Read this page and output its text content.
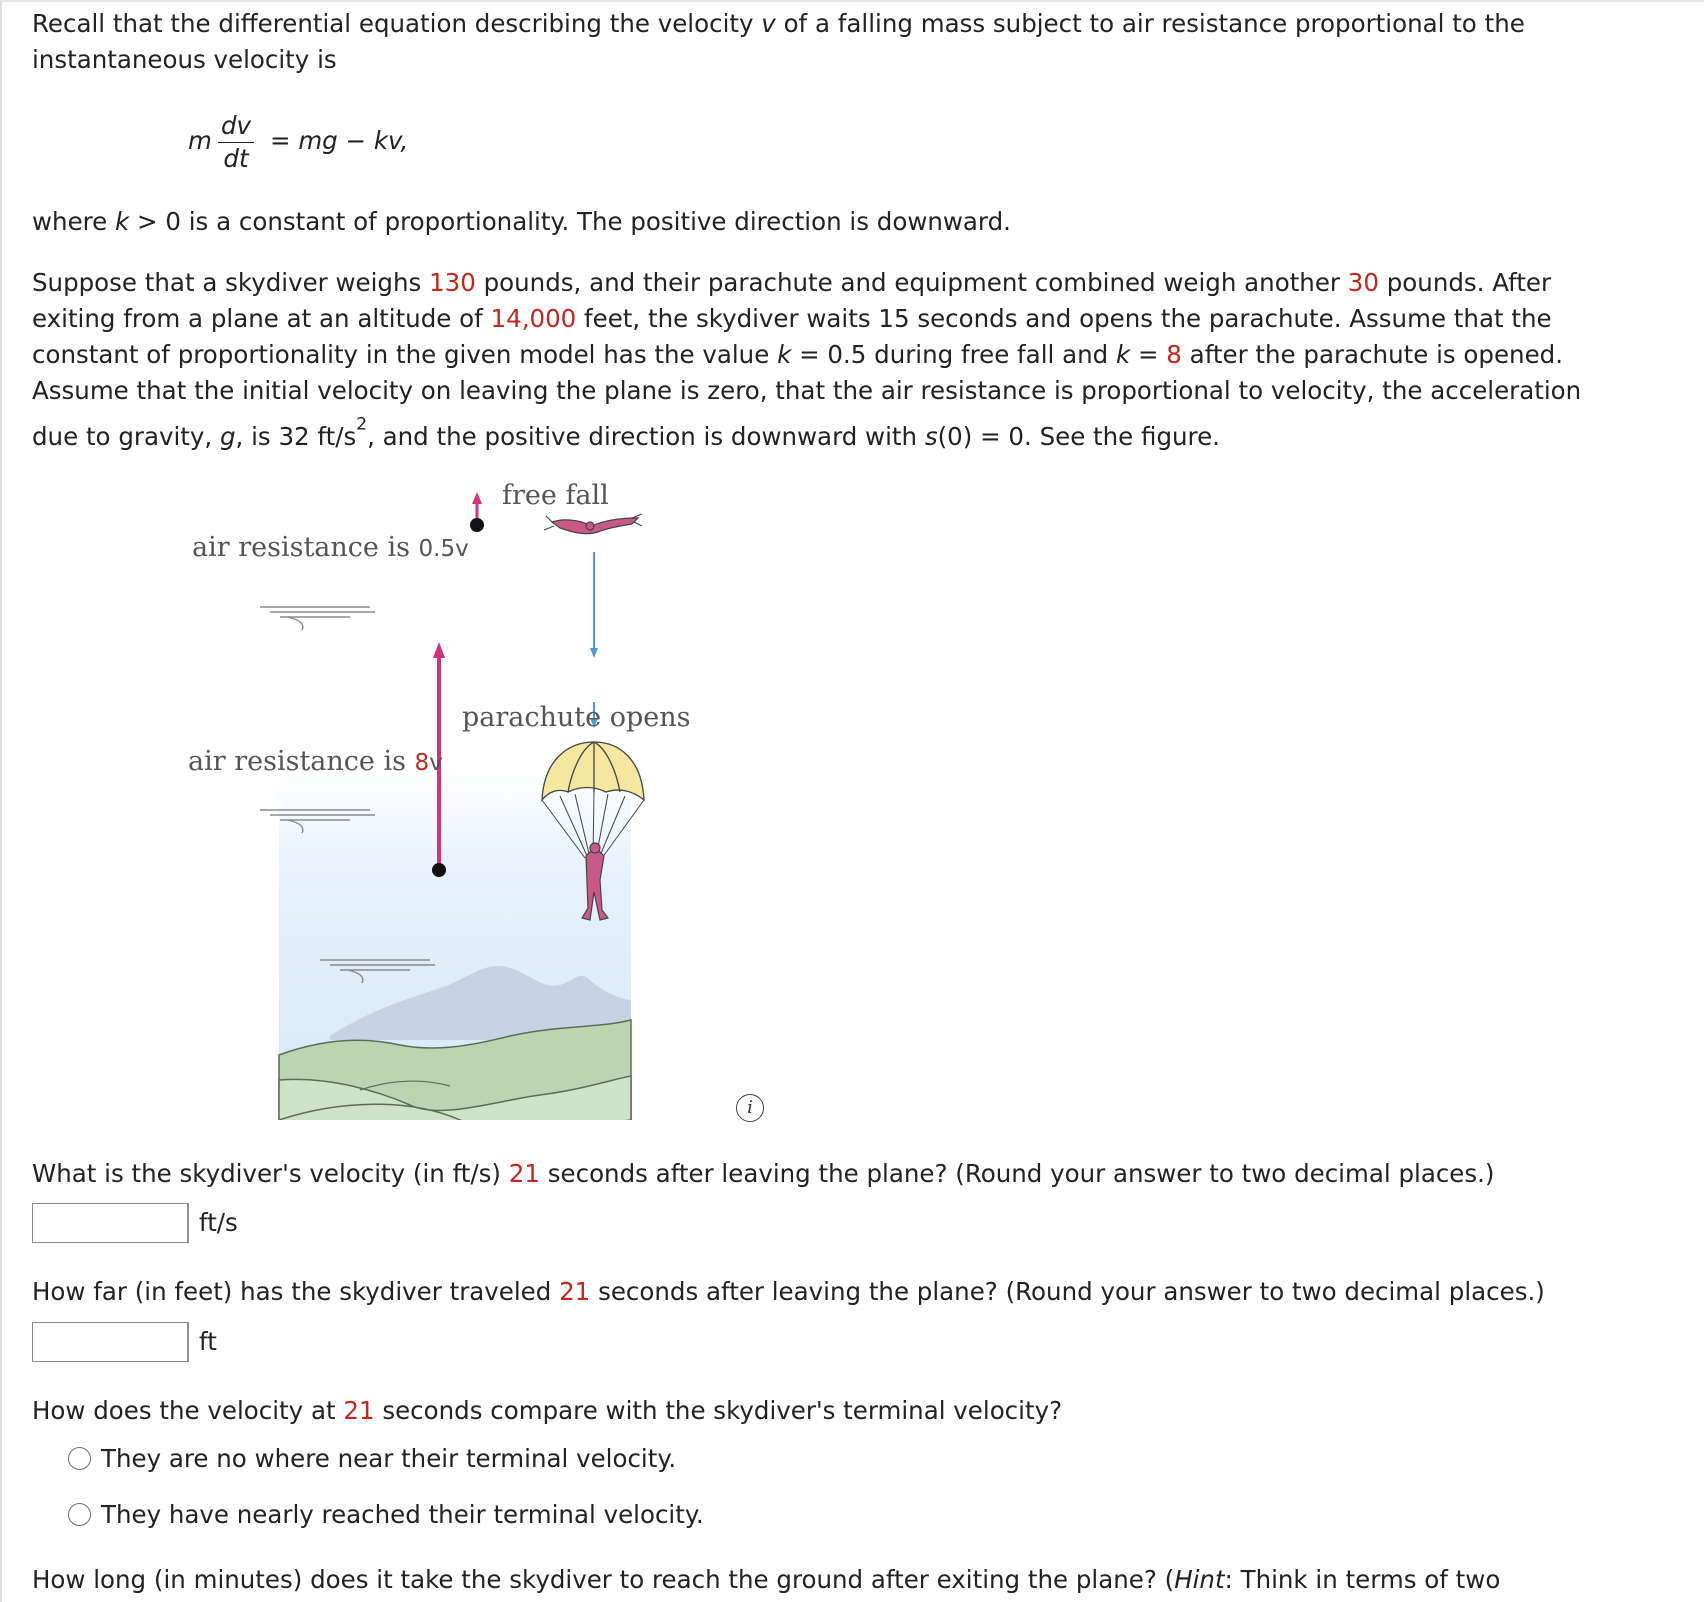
Recall that the differential equation describing the velocity v of a falling mass subject to air resistance proportional to the
instantaneous velocity is

m
dv
dt
= mg − kv,

where k > 0 is a constant of proportionality. The positive direction is downward.

Suppose that a skydiver weighs 130 pounds, and their parachute and equipment combined weigh another 30 pounds. After
exiting from a plane at an altitude of 14,000 feet, the skydiver waits 15 seconds and opens the parachute. Assume that the
constant of proportionality in the given model has the value k = 0.5 during free fall and k = 8 after the parachute is opened.
Assume that the initial velocity on leaving the plane is zero, that the air resistance is proportional to velocity, the acceleration
due to gravity, g, is 32 $ft/s^2$, and the positive direction is downward with s(0) = 0. See the figure.

free fall
air resistance is 0.5v
parachute opens
air resistance is 8v
i

What is the skydiver's velocity (in ft/s) 21 seconds after leaving the plane? (Round your answer to two decimal places.)

ft/s

How far (in feet) has the skydiver traveled 21 seconds after leaving the plane? (Round your answer to two decimal places.)

ft

How does the velocity at 21 seconds compare with the skydiver's terminal velocity?

They are no where near their terminal velocity.
They have nearly reached their terminal velocity.

How long (in minutes) does it take the skydiver to reach the ground after exiting the plane? (Hint: Think in terms of two
